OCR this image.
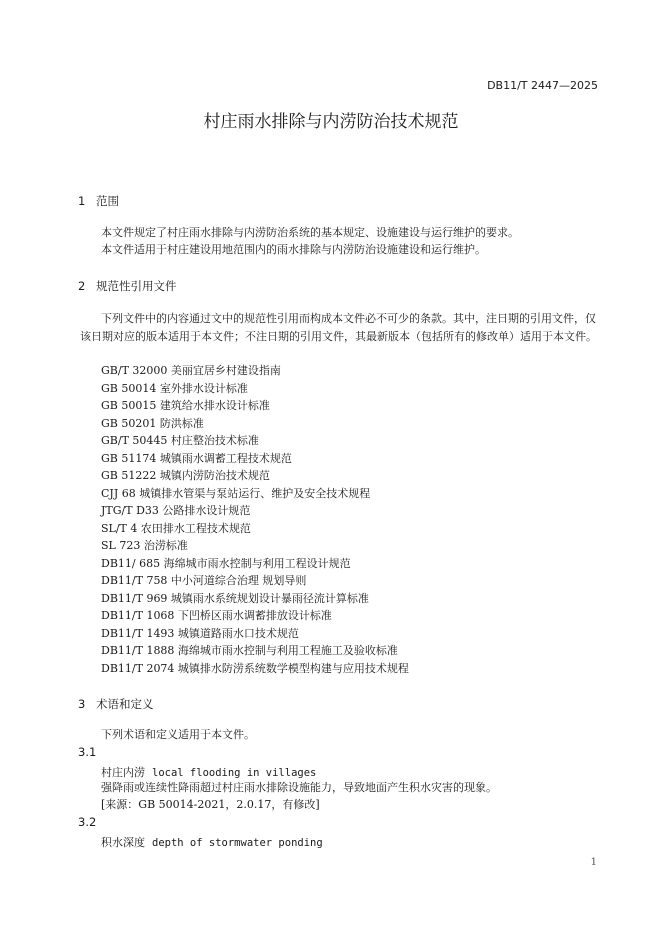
DB11/T 2447—2025
村庄雨水排除与内涝防治技术规范
1 范围
本文件规定了村庄雨水排除与内涝防治系统的基本规定、设施建设与运行维护的要求。
本文件适用于村庄建设用地范围内的雨水排除与内涝防治设施建设和运行维护。
2 规范性引用文件
下列文件中的内容通过文中的规范性引用而构成本文件必不可少的条款。其中，注日期的引用文件，仅该日期对应的版本适用于本文件；不注日期的引用文件，其最新版本（包括所有的修改单）适用于本文件。
GB/T 32000 美丽宜居乡村建设指南
GB 50014 室外排水设计标准
GB 50015 建筑给水排水设计标准
GB 50201 防洪标准
GB/T 50445 村庄整治技术标准
GB 51174 城镇雨水调蓄工程技术规范
GB 51222 城镇内涝防治技术规范
CJJ 68 城镇排水管渠与泵站运行、维护及安全技术规程
JTG/T D33 公路排水设计规范
SL/T 4 农田排水工程技术规范
SL 723 治涝标准
DB11/ 685 海绵城市雨水控制与利用工程设计规范
DB11/T 758 中小河道综合治理 规划导则
DB11/T 969 城镇雨水系统规划设计暴雨径流计算标准
DB11/T 1068 下凹桥区雨水调蓄排放设计标准
DB11/T 1493 城镇道路雨水口技术规范
DB11/T 1888 海绵城市雨水控制与利用工程施工及验收标准
DB11/T 2074 城镇排水防涝系统数学模型构建与应用技术规程
3 术语和定义
下列术语和定义适用于本文件。
3.1
村庄内涝 local flooding in villages
强降雨或连续性降雨超过村庄雨水排除设施能力，导致地面产生积水灾害的现象。
[来源：GB 50014-2021，2.0.17，有修改]
3.2
积水深度 depth of stormwater ponding
1
